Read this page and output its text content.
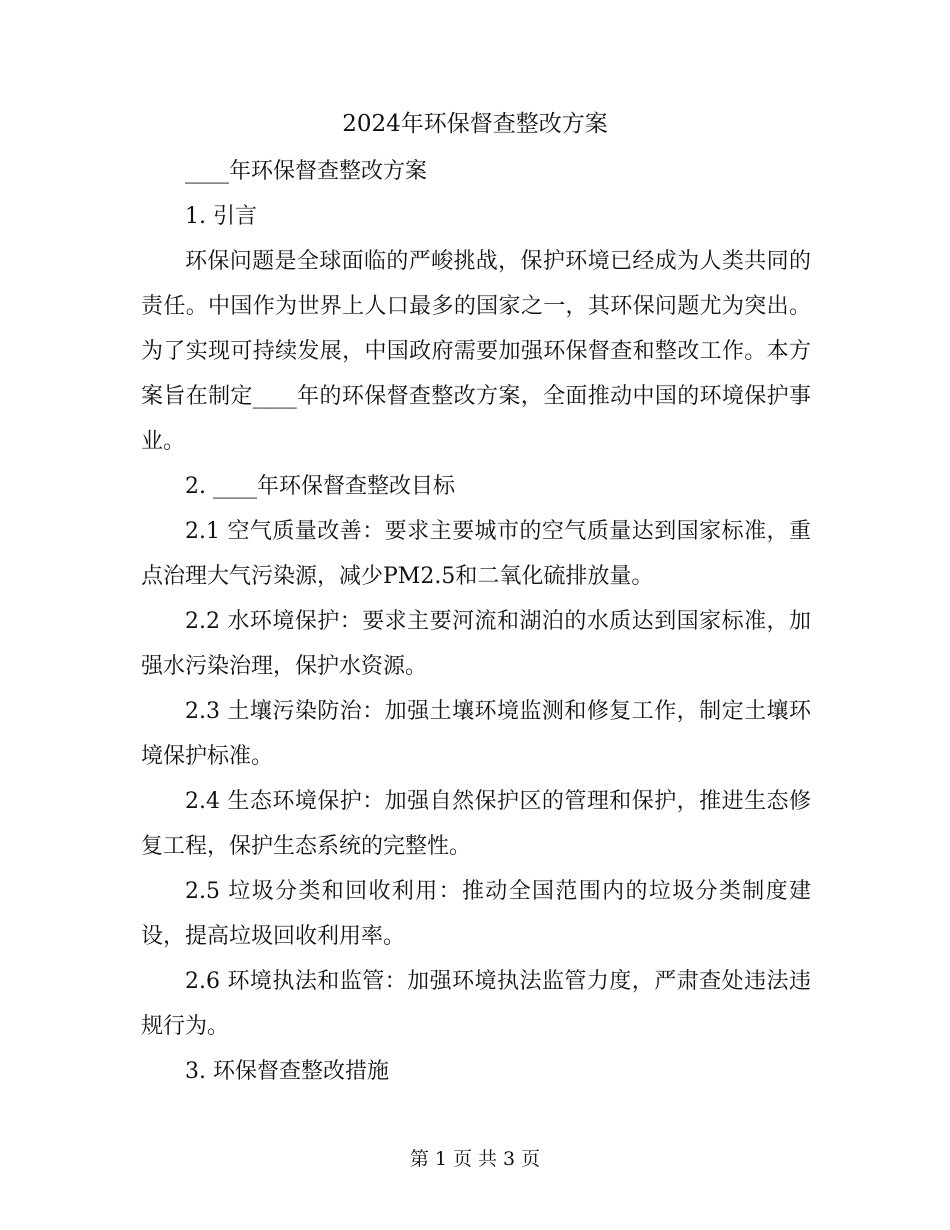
2024年环保督查整改方案

____年环保督查整改方案

1. 引言

环保问题是全球面临的严峻挑战，保护环境已经成为人类共同的责任。中国作为世界上人口最多的国家之一，其环保问题尤为突出。为了实现可持续发展，中国政府需要加强环保督查和整改工作。本方案旨在制定____年的环保督查整改方案，全面推动中国的环境保护事业。

2. ____年环保督查整改目标

2.1 空气质量改善：要求主要城市的空气质量达到国家标准，重点治理大气污染源，减少PM2.5和二氧化硫排放量。

2.2 水环境保护：要求主要河流和湖泊的水质达到国家标准，加强水污染治理，保护水资源。

2.3 土壤污染防治：加强土壤环境监测和修复工作，制定土壤环境保护标准。

2.4 生态环境保护：加强自然保护区的管理和保护，推进生态修复工程，保护生态系统的完整性。

2.5 垃圾分类和回收利用：推动全国范围内的垃圾分类制度建设，提高垃圾回收利用率。

2.6 环境执法和监管：加强环境执法监管力度，严肃查处违法违规行为。

3. 环保督查整改措施

第 1 页 共 3 页
